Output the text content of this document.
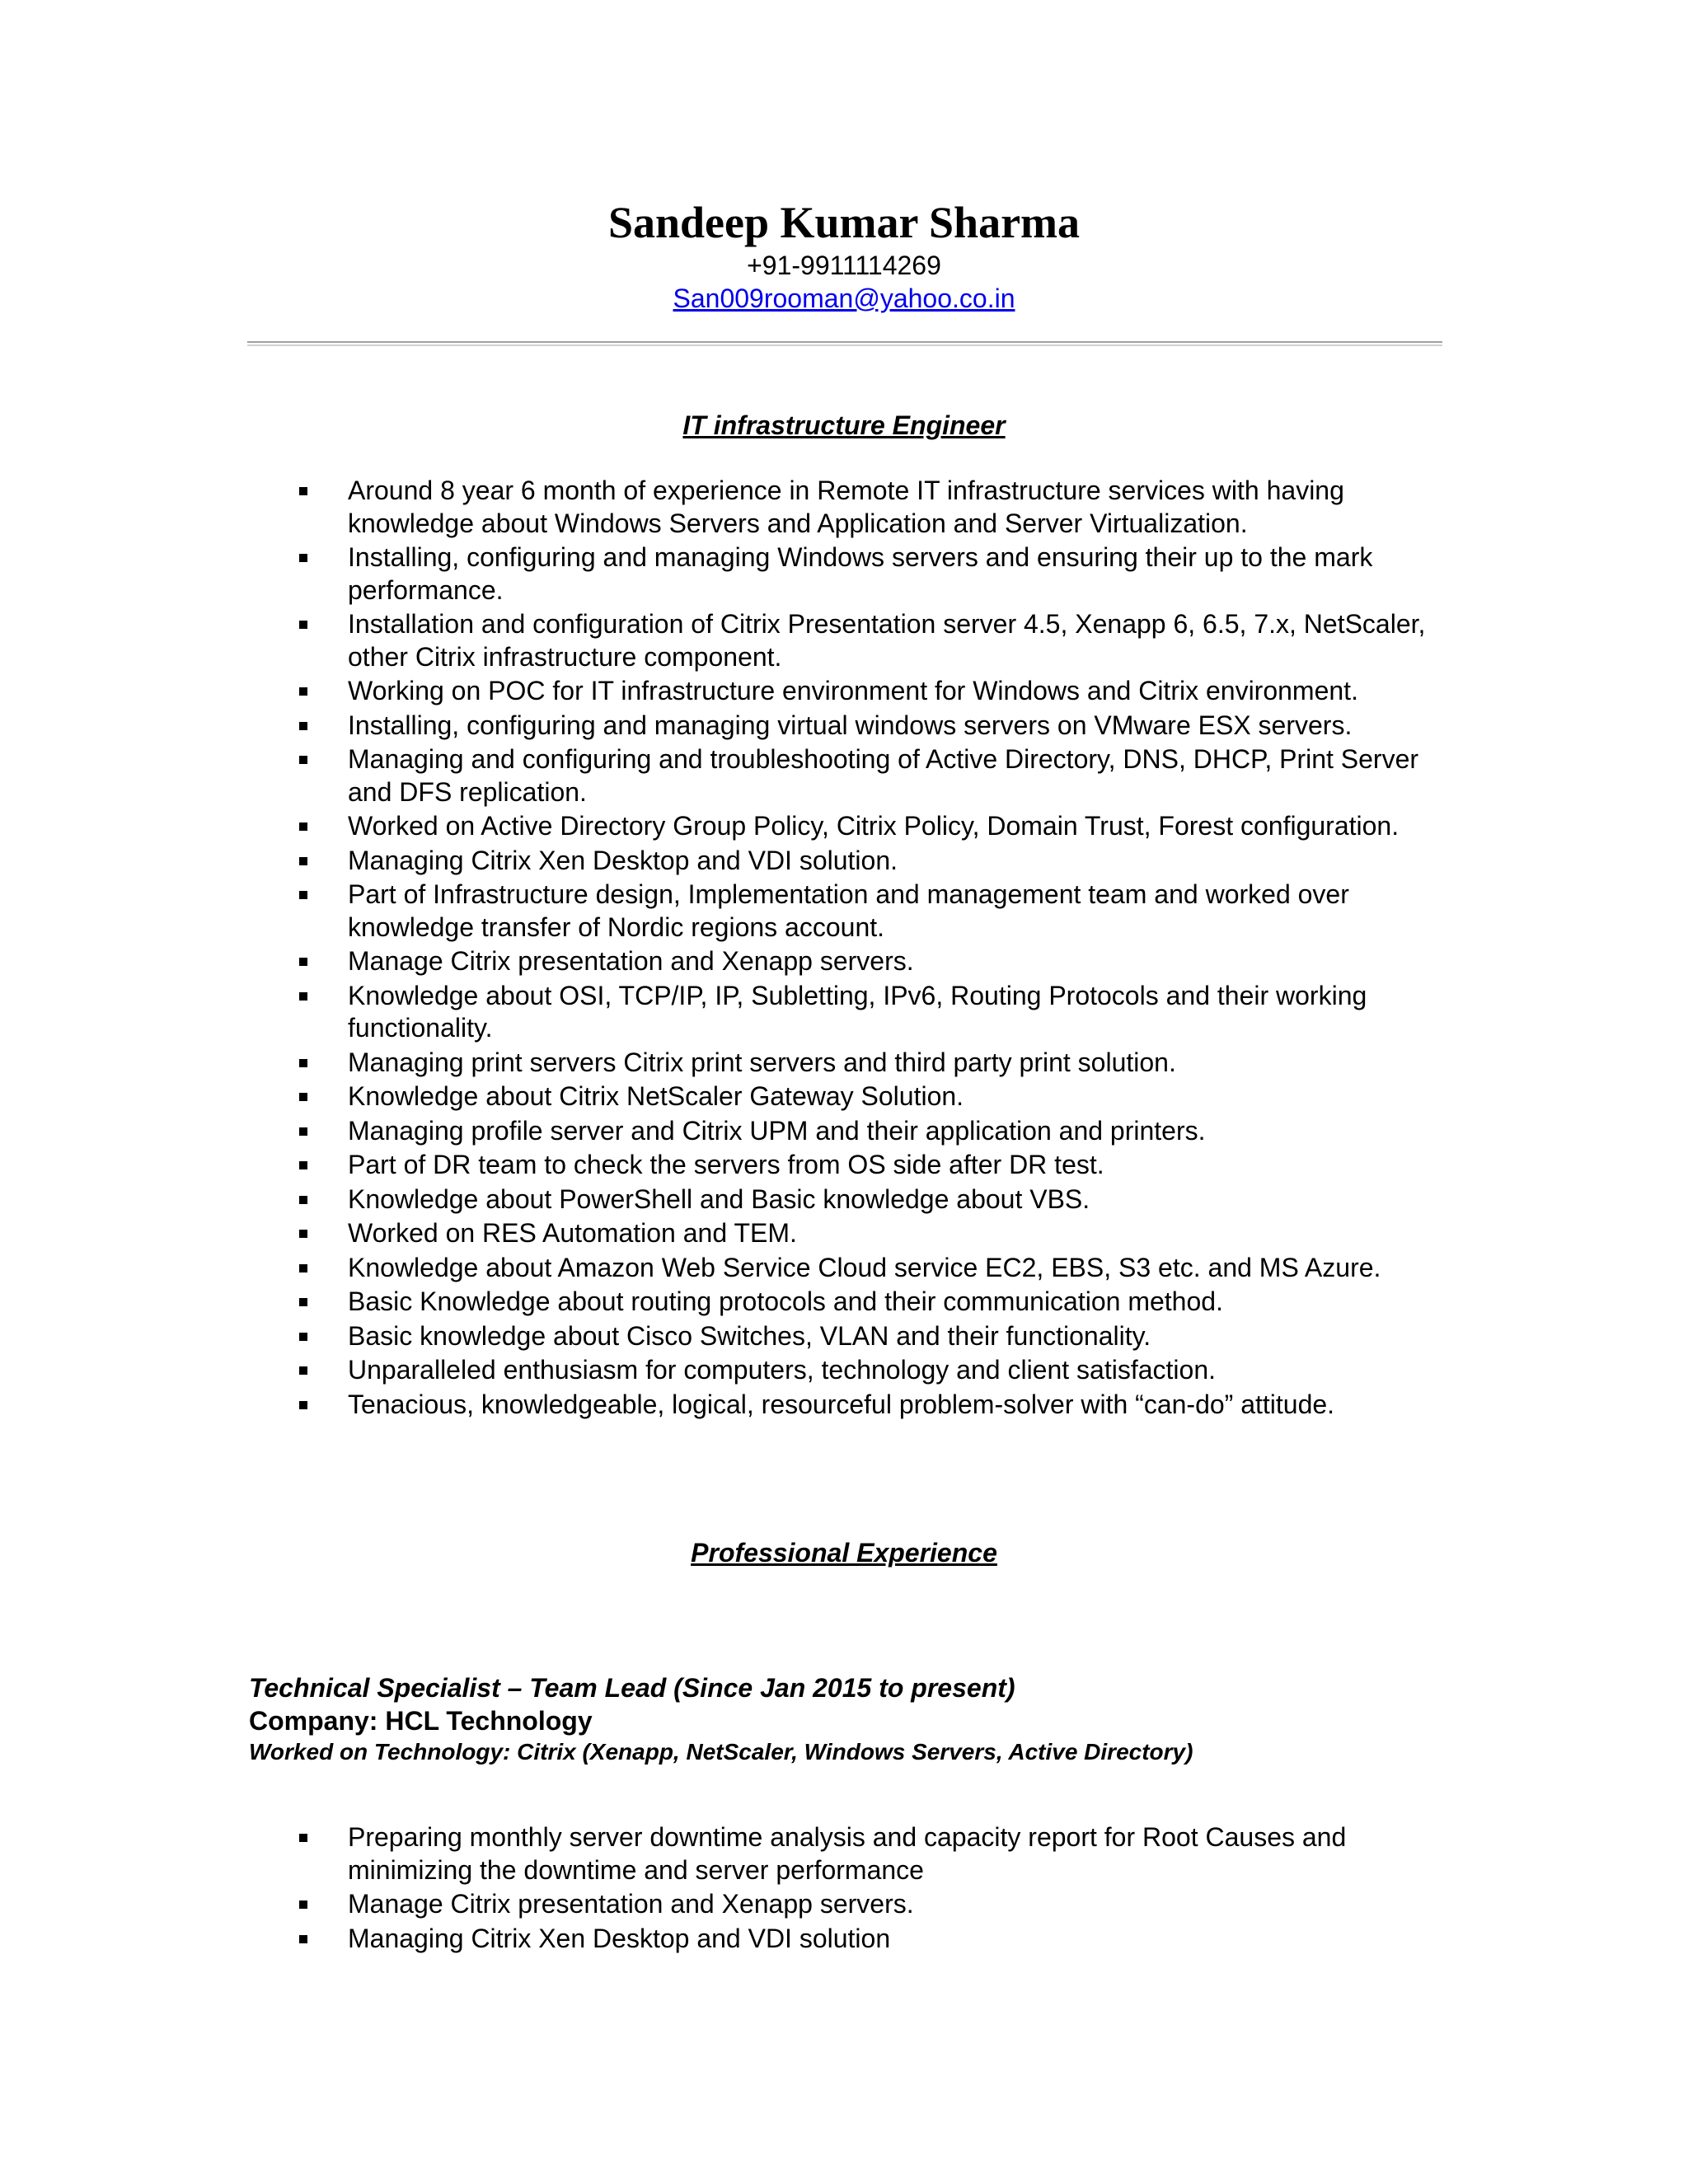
Sandeep Kumar Sharma
+91-9911114269
San009rooman@yahoo.co.in
IT infrastructure Engineer
Around 8 year 6 month of experience in Remote IT infrastructure services with having knowledge about Windows Servers and Application and Server Virtualization.
Installing, configuring and managing Windows servers and ensuring their up to the mark performance.
Installation and configuration of Citrix Presentation server 4.5, Xenapp 6, 6.5, 7.x, NetScaler, other Citrix infrastructure component.
Working on POC for IT infrastructure environment for Windows and Citrix environment.
Installing, configuring and managing virtual windows servers on VMware ESX servers.
Managing and configuring and troubleshooting of Active Directory, DNS, DHCP, Print Server and DFS replication.
Worked on Active Directory Group Policy, Citrix Policy, Domain Trust, Forest configuration.
Managing Citrix Xen Desktop and VDI solution.
Part of Infrastructure design, Implementation and management team and worked over knowledge transfer of Nordic regions account.
Manage Citrix presentation and Xenapp servers.
Knowledge about OSI, TCP/IP, IP, Subletting, IPv6, Routing Protocols and their working functionality.
Managing print servers Citrix print servers and third party print solution.
Knowledge about Citrix NetScaler Gateway Solution.
Managing profile server and Citrix UPM and their application and printers.
Part of DR team to check the servers from OS side after DR test.
Knowledge about PowerShell and Basic knowledge about VBS.
Worked on RES Automation and TEM.
Knowledge about Amazon Web Service Cloud service EC2, EBS, S3 etc. and MS Azure.
Basic Knowledge about routing protocols and their communication method.
Basic knowledge about Cisco Switches, VLAN and their functionality.
Unparalleled enthusiasm for computers, technology and client satisfaction.
Tenacious, knowledgeable, logical, resourceful problem-solver with “can-do” attitude.
Professional Experience
Technical Specialist – Team Lead (Since Jan 2015 to present)
Company: HCL Technology
Worked on Technology: Citrix (Xenapp, NetScaler, Windows Servers, Active Directory)
Preparing monthly server downtime analysis and capacity report for Root Causes and minimizing the downtime and server performance
Manage Citrix presentation and Xenapp servers.
Managing Citrix Xen Desktop and VDI solution
